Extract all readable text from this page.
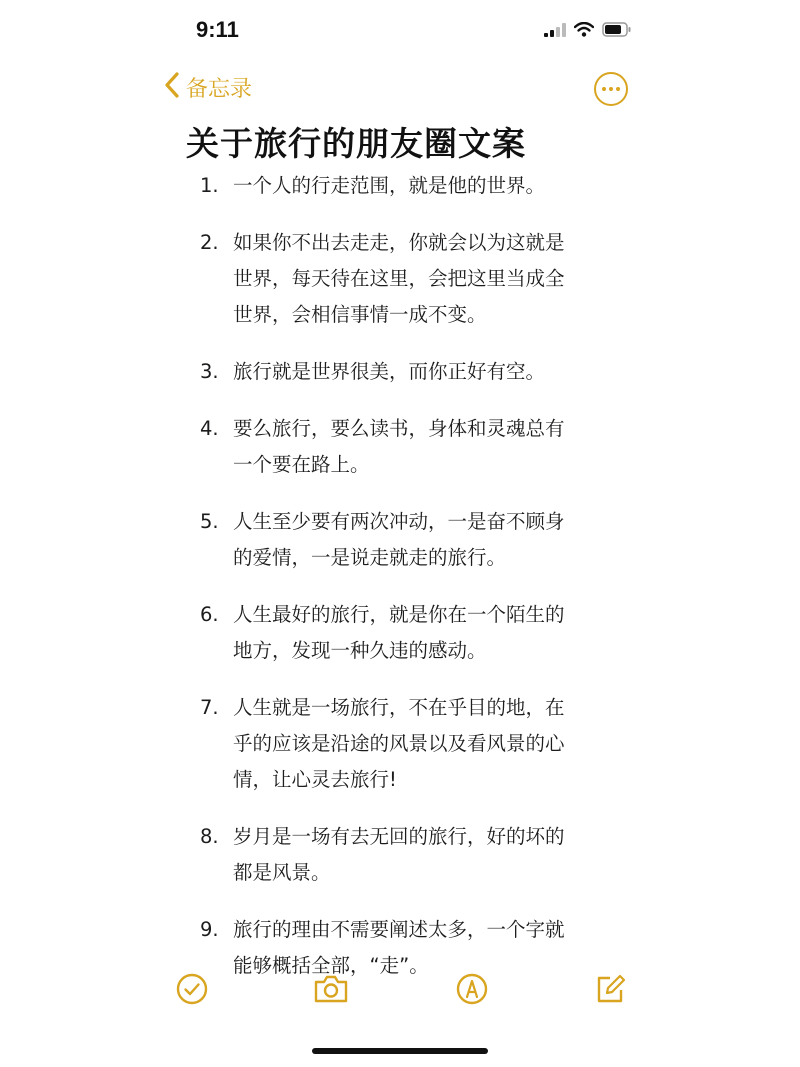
9:11
备忘录
关于旅行的朋友圈文案
1. 一个人的行走范围，就是他的世界。
2. 如果你不出去走走，你就会以为这就是
世界，每天待在这里，会把这里当成全
世界，会相信事情一成不变。
3. 旅行就是世界很美，而你正好有空。
4. 要么旅行，要么读书，身体和灵魂总有
一个要在路上。
5. 人生至少要有两次冲动，一是奋不顾身
的爱情，一是说走就走的旅行。
6. 人生最好的旅行，就是你在一个陌生的
地方，发现一种久违的感动。
7. 人生就是一场旅行，不在乎目的地，在
乎的应该是沿途的风景以及看风景的心
情，让心灵去旅行!
8. 岁月是一场有去无回的旅行，好的坏的
都是风景。
9. 旅行的理由不需要阐述太多，一个字就
能够概括全部，“走”。
